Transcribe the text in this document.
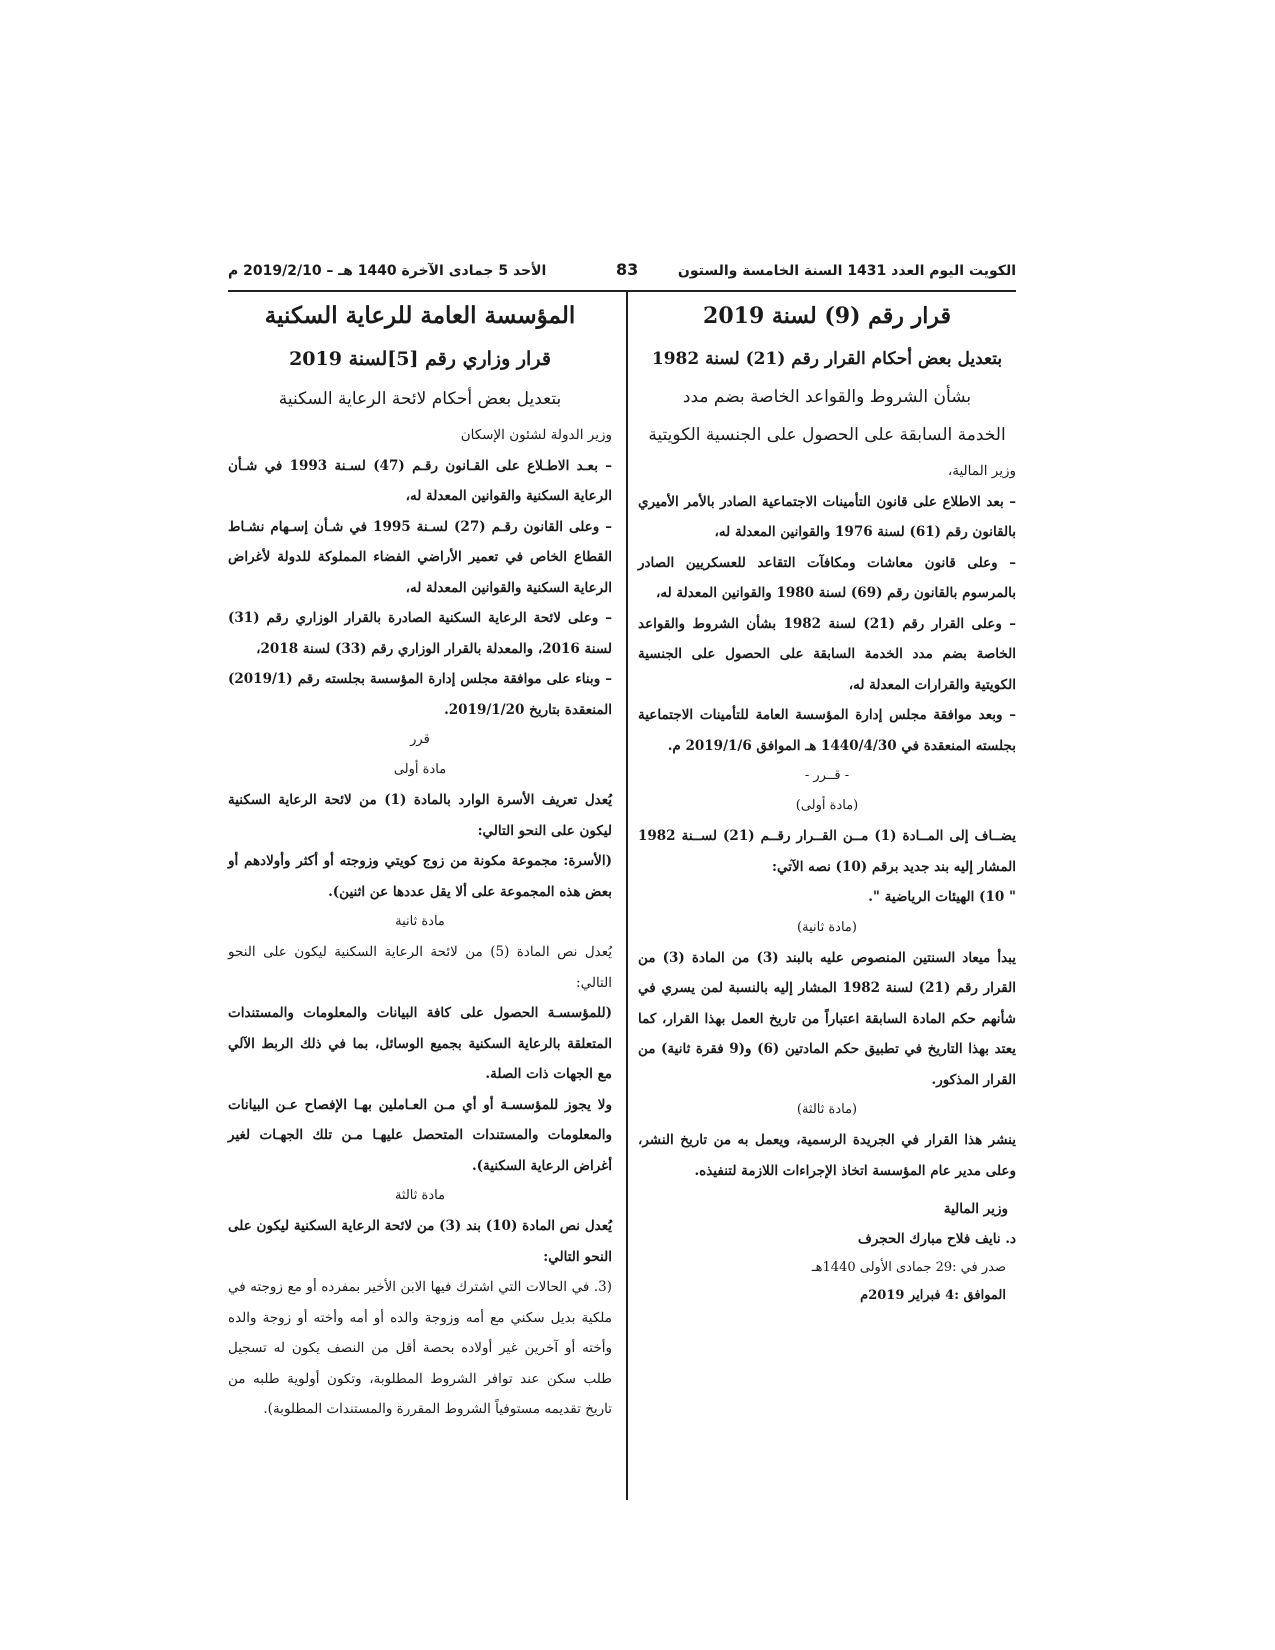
الكويت اليوم العدد 1431 السنة الخامسة والستون
83
الأحد 5 جمادى الآخرة 1440 هـ – 2019/2/10 م

قرار رقم (9) لسنة 2019

بتعديل بعض أحكام القرار رقم (21) لسنة 1982

بشأن الشروط والقواعد الخاصة بضم مدد

الخدمة السابقة على الحصول على الجنسية الكويتية

وزير المالية،

– بعد الاطلاع على قانون التأمينات الاجتماعية الصادر بالأمر الأميري بالقانون رقم (61) لسنة 1976 والقوانين المعدلة له،

– وعلى قانون معاشات ومكافآت التقاعد للعسكريين الصادر بالمرسوم بالقانون رقم (69) لسنة 1980 والقوانين المعدلة له،

– وعلى القرار رقم (21) لسنة 1982 بشأن الشروط والقواعد الخاصة بضم مدد الخدمة السابقة على الحصول على الجنسية الكويتية والقرارات المعدلة له،

– وبعد موافقة مجلس إدارة المؤسسة العامة للتأمينات الاجتماعية بجلسته المنعقدة في 1440/4/30 هـ الموافق 2019/1/6 م.

- قــرر -

(مادة أولى)

يضــاف إلى المــادة (1) مــن القــرار رقــم (21) لســنة 1982 المشار إليه بند جديد برقم (10) نصه الآتي:

" 10) الهيئات الرياضية ".

(مادة ثانية)

يبدأ ميعاد السنتين المنصوص عليه بالبند (3) من المادة (3) من القرار رقم (21) لسنة 1982 المشار إليه بالنسبة لمن يسري في شأنهم حكم المادة السابقة اعتباراً من تاريخ العمل بهذا القرار، كما يعتد بهذا التاريخ في تطبيق حكم المادتين (6) و(9 فقرة ثانية) من القرار المذكور.

(مادة ثالثة)

ينشر هذا القرار في الجريدة الرسمية، ويعمل به من تاريخ النشر، وعلى مدير عام المؤسسة اتخاذ الإجراءات اللازمة لتنفيذه.

وزير المالية

د. نايف فلاح مبارك الحجرف

صدر في :29 جمادى الأولى 1440هـ

الموافق :4 فبراير 2019م

المؤسسة العامة للرعاية السكنية

قرار وزاري رقم [5]لسنة 2019

بتعديل بعض أحكام لائحة الرعاية السكنية

وزير الدولة لشئون الإسكان

– بعـد الاطـلاع على القـانون رقـم (47) لسـنة 1993 في شـأن الرعاية السكنية والقوانين المعدلة له،

– وعلى القانون رقـم (27) لسـنة 1995 في شـأن إسـهام نشـاط القطاع الخاص في تعمير الأراضي الفضاء المملوكة للدولة لأغراض الرعاية السكنية والقوانين المعدلة له،

– وعلى لائحة الرعاية السكنية الصادرة بالقرار الوزاري رقم (31) لسنة 2016، والمعدلة بالقرار الوزاري رقم (33) لسنة 2018،

– وبناء على موافقة مجلس إدارة المؤسسة بجلسته رقم (2019/1) المنعقدة بتاريخ 2019/1/20.

قرر

مادة أولى

يُعدل تعريف الأسرة الوارد بالمادة (1) من لائحة الرعاية السكنية ليكون على النحو التالي:

(الأسرة: مجموعة مكونة من زوج كويتي وزوجته أو أكثر وأولادهم أو بعض هذه المجموعة على ألا يقل عددها عن اثنين).

مادة ثانية

يُعدل نص المادة (5) من لائحة الرعاية السكنية ليكون على النحو التالي:

(للمؤسسـة الحصول على كافة البيانات والمعلومات والمستندات المتعلقة بالرعاية السكنية بجميع الوسائل، بما في ذلك الربط الآلي مع الجهات ذات الصلة.

ولا يجوز للمؤسسـة أو أي مـن العـاملين بهـا الإفصاح عـن البيانات والمعلومات والمستندات المتحصل عليهـا مـن تلك الجهـات لغير أغراض الرعاية السكنية).

مادة ثالثة

يُعدل نص المادة (10) بند (3) من لائحة الرعاية السكنية ليكون على النحو التالي:

(3. في الحالات التي اشترك فيها الابن الأخير بمفرده أو مع زوجته في ملكية بديل سكني مع أمه وزوجة والده أو أمه وأخته أو زوجة والده وأخته أو آخرين غير أولاده بحصة أقل من النصف يكون له تسجيل طلب سكن عند توافر الشروط المطلوبة، وتكون أولوية طلبه من تاريخ تقديمه مستوفياً الشروط المقررة والمستندات المطلوبة).
